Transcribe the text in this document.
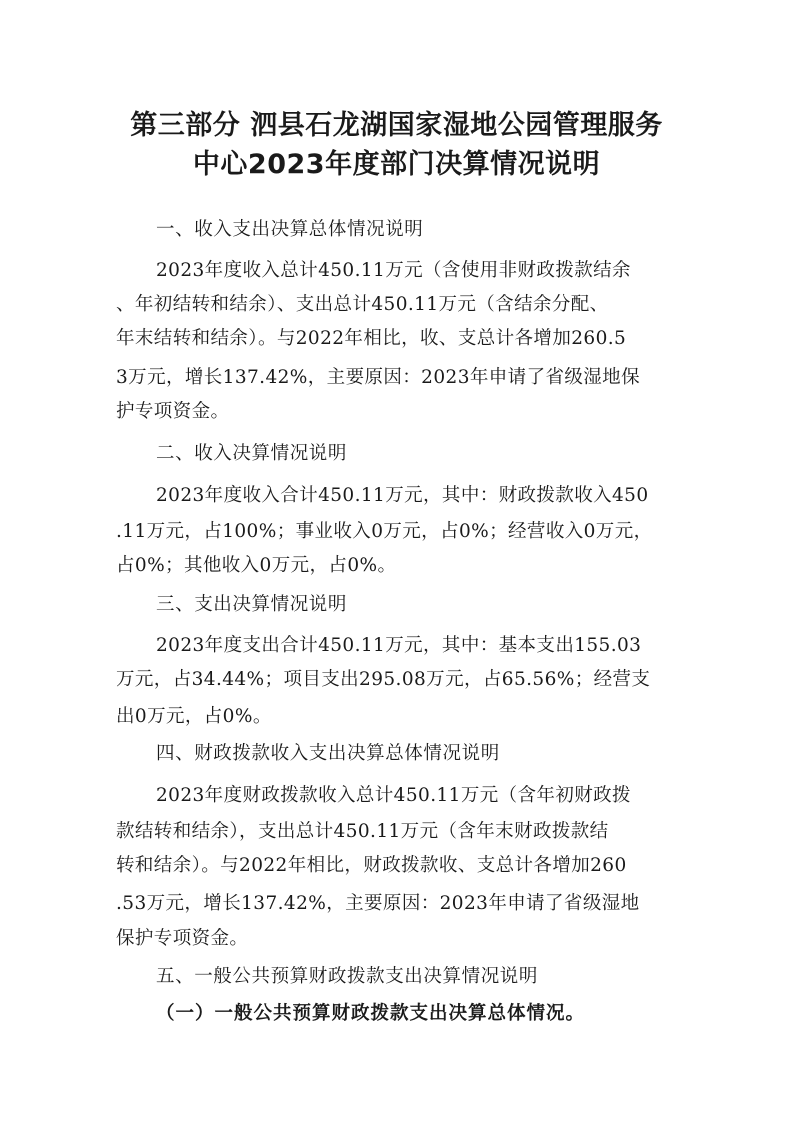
第三部分 泗县石龙湖国家湿地公园管理服务
中心2023年度部门决算情况说明
一、收入支出决算总体情况说明
2023年度收入总计450.11万元（含使用非财政拨款结余
、年初结转和结余）、支出总计450.11万元（含结余分配、
年末结转和结余）。与2022年相比，收、支总计各增加260.5
3万元，增长137.42%，主要原因：2023年申请了省级湿地保
护专项资金。
二、收入决算情况说明
2023年度收入合计450.11万元，其中：财政拨款收入450
.11万元，占100%；事业收入0万元，占0%；经营收入0万元，
占0%；其他收入0万元，占0%。
三、支出决算情况说明
2023年度支出合计450.11万元，其中：基本支出155.03
万元，占34.44%；项目支出295.08万元，占65.56%；经营支
出0万元，占0%。
四、财政拨款收入支出决算总体情况说明
2023年度财政拨款收入总计450.11万元（含年初财政拨
款结转和结余），支出总计450.11万元（含年末财政拨款结
转和结余）。与2022年相比，财政拨款收、支总计各增加260
.53万元，增长137.42%，主要原因：2023年申请了省级湿地
保护专项资金。
五、一般公共预算财政拨款支出决算情况说明
（一）一般公共预算财政拨款支出决算总体情况。
